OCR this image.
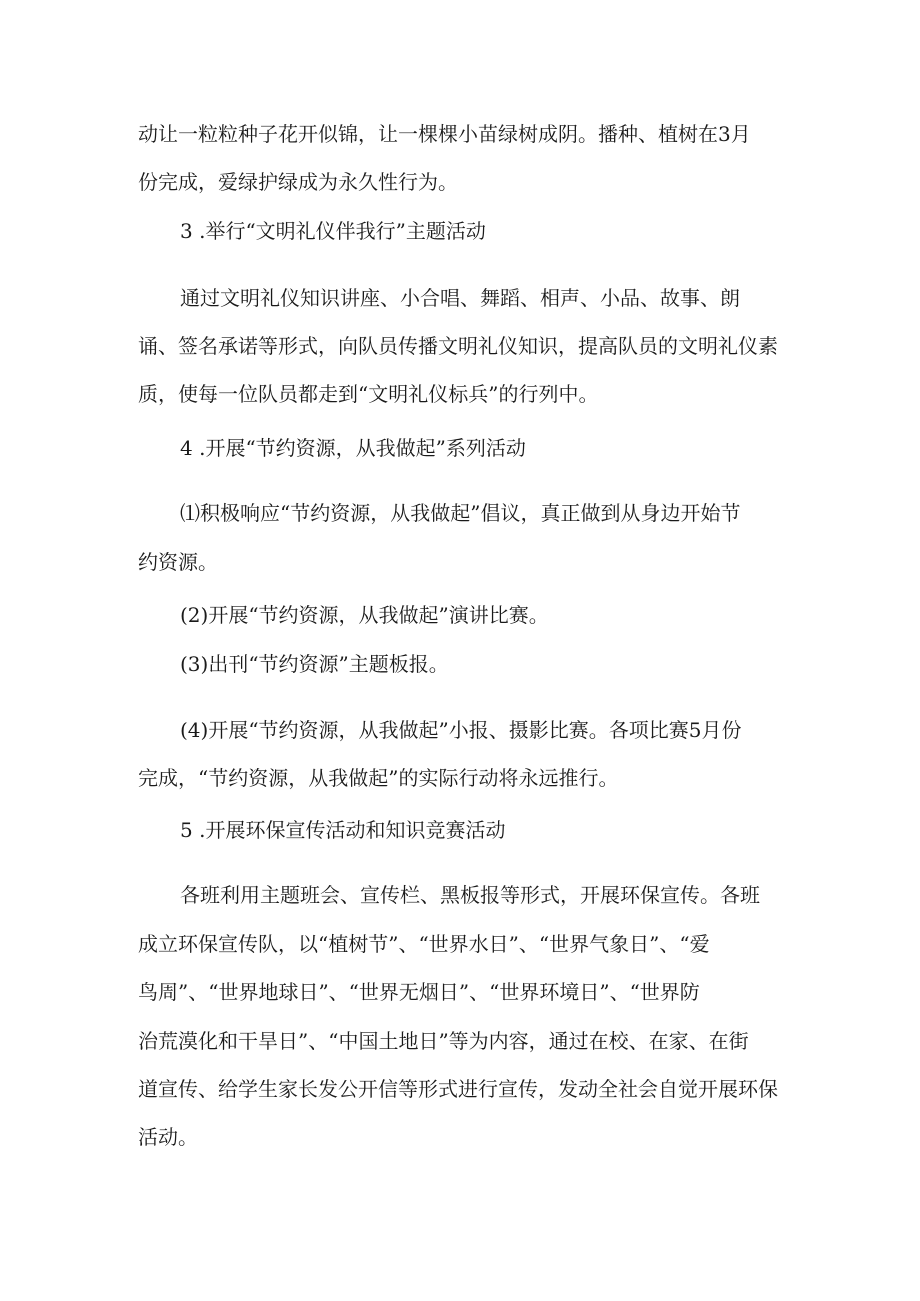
动让一粒粒种子花开似锦，让一棵棵小苗绿树成阴。播种、植树在3月
份完成，爱绿护绿成为永久性行为。
3 .举行“文明礼仪伴我行”主题活动
通过文明礼仪知识讲座、小合唱、舞蹈、相声、小品、故事、朗
诵、签名承诺等形式，向队员传播文明礼仪知识，提高队员的文明礼仪素
质，使每一位队员都走到“文明礼仪标兵”的行列中。
4 .开展“节约资源，从我做起”系列活动
⑴积极响应“节约资源，从我做起”倡议，真正做到从身边开始节
约资源。
(2)开展“节约资源，从我做起”演讲比赛。
(3)出刊“节约资源”主题板报。
(4)开展“节约资源，从我做起”小报、摄影比赛。各项比赛5月份
完成，“节约资源，从我做起”的实际行动将永远推行。
5 .开展环保宣传活动和知识竞赛活动
各班利用主题班会、宣传栏、黑板报等形式，开展环保宣传。各班
成立环保宣传队，以“植树节”、“世界水日”、“世界气象日”、“爱
鸟周”、“世界地球日”、“世界无烟日”、“世界环境日”、“世界防
治荒漠化和干旱日”、“中国土地日”等为内容，通过在校、在家、在街
道宣传、给学生家长发公开信等形式进行宣传，发动全社会自觉开展环保
活动。
